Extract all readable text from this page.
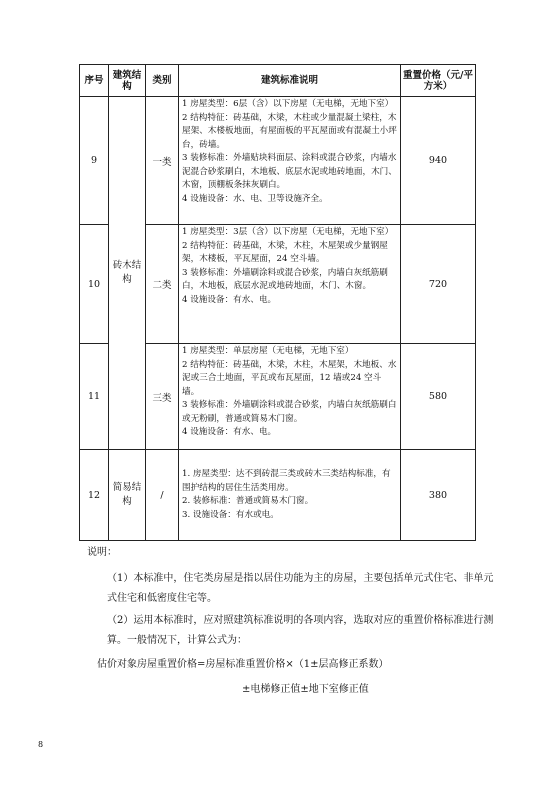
序号	建筑结构	类别	建筑标准说明	重置价格（元/平方米）
9	砖木结构	一类	1 房屋类型：6层（含）以下房屋（无电梯，无地下室）
2 结构特征：砖基础，木梁，木柱或少量混凝土梁柱，木屋架、木楼板地面，有屋面板的平瓦屋面或有混凝土小坪台，砖墙。
3 装修标准：外墙贴块料面层、涂料或混合砂浆，内墙水泥混合砂浆刷白，木地板、底层水泥或地砖地面，木门、木窗，顶棚板条抹灰刷白。
4 设施设备：水、电、卫等设施齐全。	940
10		二类	1 房屋类型：3层（含）以下房屋（无电梯，无地下室）
2 结构特征：砖基础，木梁，木柱，木屋架或少量钢屋架，木楼板，平瓦屋面，24 空斗墙。
3 装修标准：外墙刷涂料或混合砂浆，内墙白灰纸筋刷白，木地板，底层水泥或地砖地面，木门、木窗。
4 设施设备：有水、电。	720
11		三类	1 房屋类型：单层房屋（无电梯，无地下室）
2 结构特征：砖基础，木梁，木柱，木屋架，木地板、水泥或三合土地面，平瓦或布瓦屋面，12 墙或24 空斗墙。
3 装修标准：外墙刷涂料或混合砂浆，内墙白灰纸筋刷白或无粉刷，普通或简易木门窗。
4 设施设备：有水、电。	580
12	简易结构	/	1. 房屋类型：达不到砖混三类或砖木三类结构标准，有围护结构的居住生活类用房。
2. 装修标准：普通或简易木门窗。
3. 设施设备：有水或电。	380

说明：

（1）本标准中，住宅类房屋是指以居住功能为主的房屋，主要包括单元式住宅、非单元式住宅和低密度住宅等。

（2）运用本标准时，应对照建筑标准说明的各项内容，选取对应的重置价格标准进行测算。一般情况下，计算公式为：

估价对象房屋重置价格=房屋标准重置价格×（1±层高修正系数）

±电梯修正值±地下室修正值

8
